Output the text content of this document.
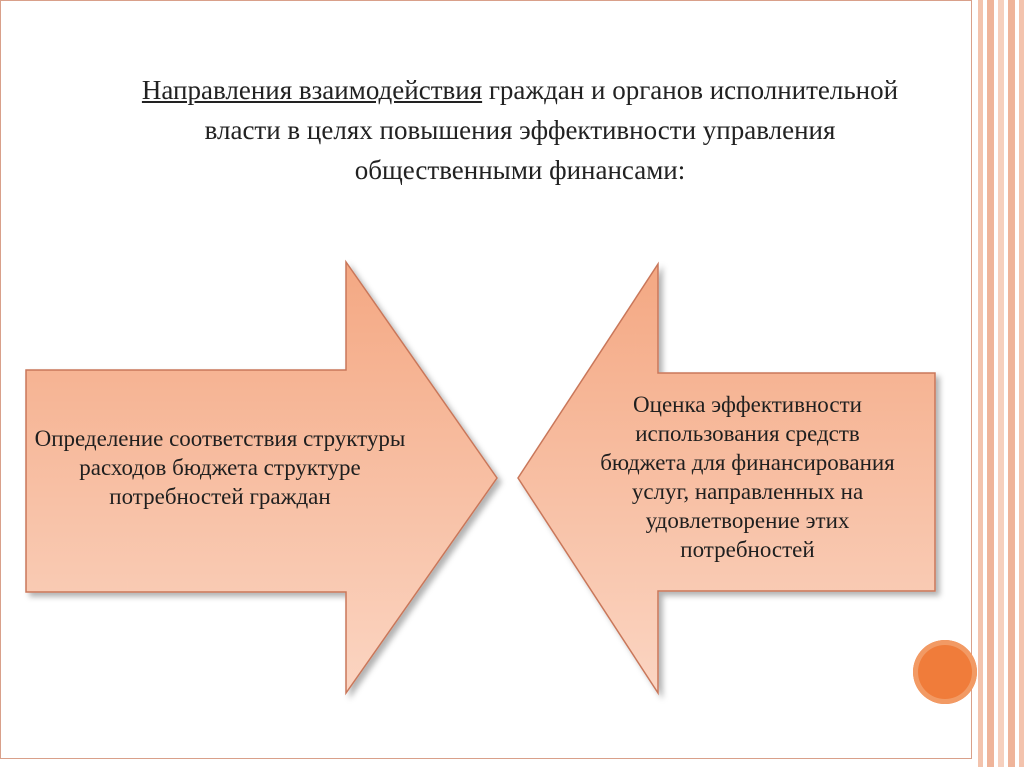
Направления взаимодействия граждан и органов исполнительной власти в целях повышения эффективности управления общественными финансами:
Определение соответствия структуры расходов бюджета структуре потребностей граждан
Оценка эффективности использования средств бюджета для финансирования услуг, направленных на удовлетворение этих потребностей
